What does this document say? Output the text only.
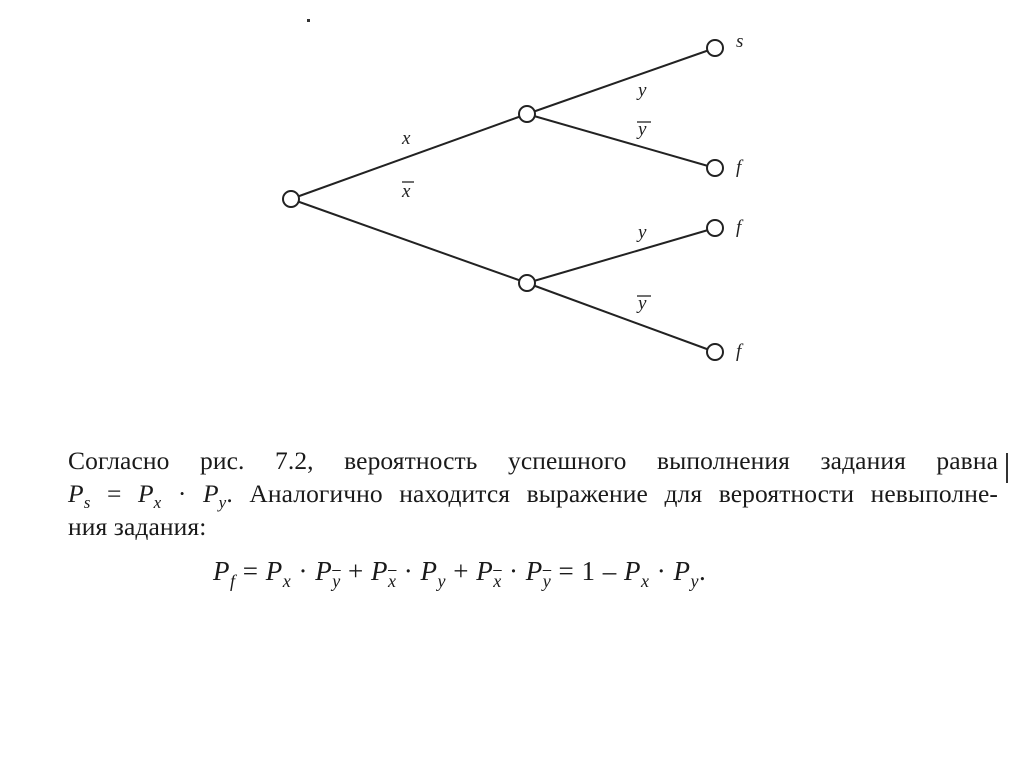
x
x
y
y
y
y
s
f
f
f
Согласно рис. 7.2, вероятность успешного выполнения задания равна
$P_s = P_x \cdot P_y$. Аналогично находится выражение для вероятности невыполне-
ния задания:
$P_f = P_x \cdot P_{\overline{y}} + P_{\overline{x}} \cdot P_y + P_{\overline{x}} \cdot P_{\overline{y}} = 1 - P_x \cdot P_y$.
